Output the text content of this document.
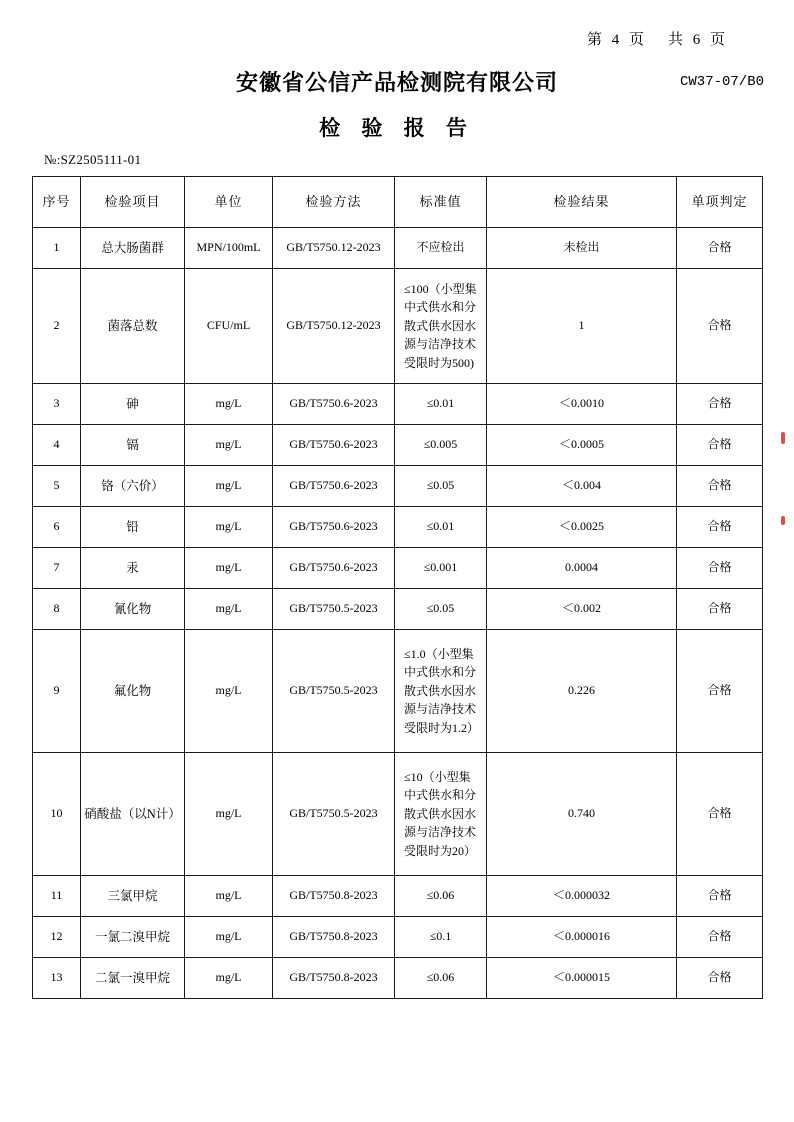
第 4 页 共 6 页
安徽省公信产品检测院有限公司	CW37-07/B0
检 验 报 告
№:SZ2505111-01
序号	检验项目	单位	检验方法	标准值	检验结果	单项判定
1	总大肠菌群	MPN/100mL	GB/T5750.12-2023	不应检出	未检出	合格
2	菌落总数	CFU/mL	GB/T5750.12-2023	≤100（小型集中式供水和分散式供水因水源与洁净技术受限时为500)	1	合格
3	砷	mg/L	GB/T5750.6-2023	≤0.01	＜0.0010	合格
4	镉	mg/L	GB/T5750.6-2023	≤0.005	＜0.0005	合格
5	铬（六价）	mg/L	GB/T5750.6-2023	≤0.05	＜0.004	合格
6	铅	mg/L	GB/T5750.6-2023	≤0.01	＜0.0025	合格
7	汞	mg/L	GB/T5750.6-2023	≤0.001	0.0004	合格
8	氰化物	mg/L	GB/T5750.5-2023	≤0.05	＜0.002	合格
9	氟化物	mg/L	GB/T5750.5-2023	≤1.0（小型集中式供水和分散式供水因水源与洁净技术受限时为1.2）	0.226	合格
10	硝酸盐（以N计）	mg/L	GB/T5750.5-2023	≤10（小型集中式供水和分散式供水因水源与洁净技术受限时为20）	0.740	合格
11	三氯甲烷	mg/L	GB/T5750.8-2023	≤0.06	＜0.000032	合格
12	一氯二溴甲烷	mg/L	GB/T5750.8-2023	≤0.1	＜0.000016	合格
13	二氯一溴甲烷	mg/L	GB/T5750.8-2023	≤0.06	＜0.000015	合格
